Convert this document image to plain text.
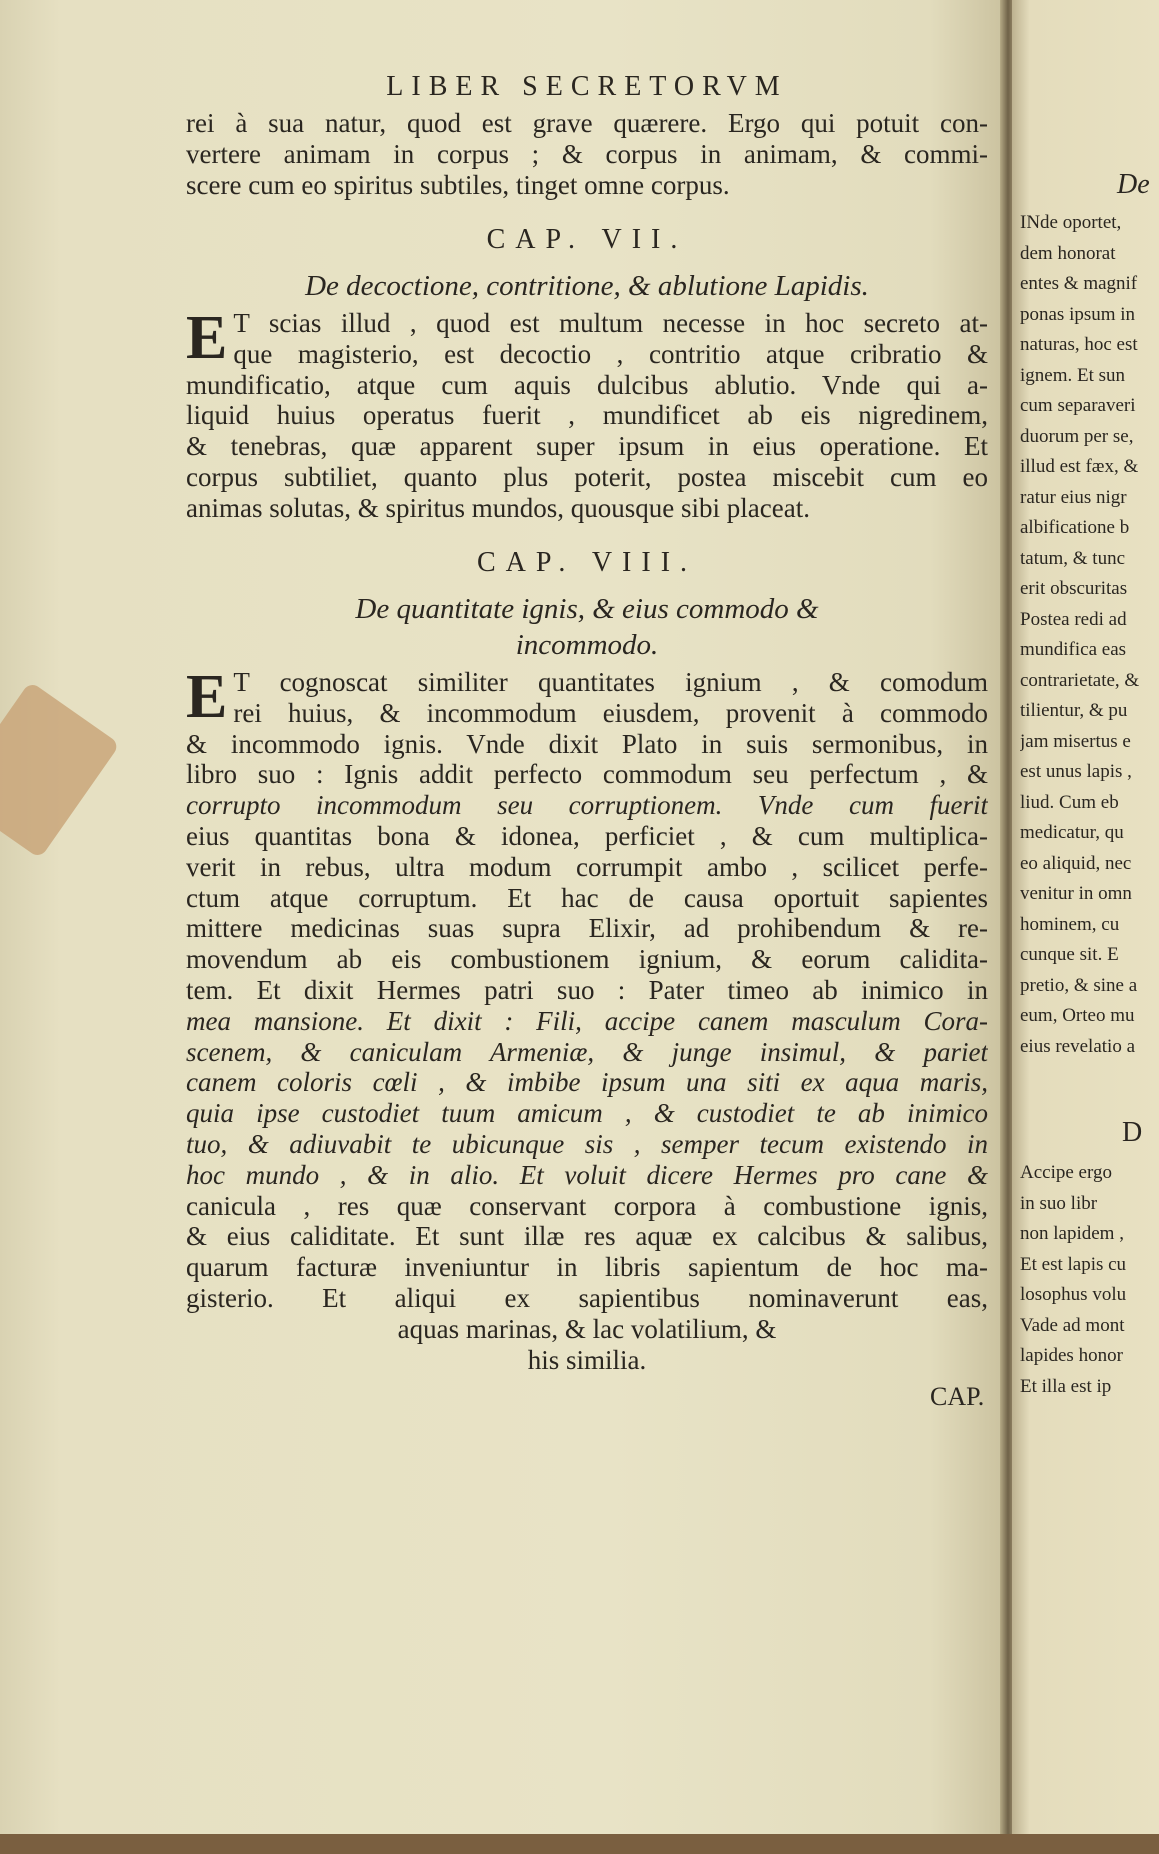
LIBER SECRETORVM
rei à sua natur, quod est grave quærere. Ergo qui potuit con-
vertere animam in corpus ; & corpus in animam, & commi-
scere cum eo spiritus subtiles, tinget omne corpus.
CAP. VII.
De decoctione, contritione, & ablutione Lapidis.
E T scias illud , quod est multum necesse in hoc secreto at-
que magisterio, est decoctio , contritio atque cribratio &
mundificatio, atque cum aquis dulcibus ablutio. Vnde qui a-
liquid huius operatus fuerit , mundificet ab eis nigredinem,
& tenebras, quæ apparent super ipsum in eius operatione. Et
corpus subtiliet, quanto plus poterit, postea miscebit cum eo
animas solutas, & spiritus mundos, quousque sibi placeat.
CAP. VIII.
De quantitate ignis, & eius commodo &
incommodo.
E T cognoscat similiter quantitates ignium , & comodum
rei huius, & incommodum eiusdem, provenit à commodo
& incommodo ignis. Vnde dixit Plato in suis sermonibus, in
libro suo : Ignis addit perfecto commodum seu perfectum , &
corrupto incommodum seu corruptionem. Vnde cum fuerit
eius quantitas bona & idonea, perficiet , & cum multiplica-
verit in rebus, ultra modum corrumpit ambo , scilicet perfe-
ctum atque corruptum. Et hac de causa oportuit sapientes
mittere medicinas suas supra Elixir, ad prohibendum & re-
movendum ab eis combustionem ignium, & eorum calidita-
tem. Et dixit Hermes patri suo : Pater timeo ab inimico in
mea mansione. Et dixit : Fili, accipe canem masculum Cora-
scenem, & caniculam Armeniæ, & junge insimul, & pariet
canem coloris cœli , & imbibe ipsum una siti ex aqua maris,
quia ipse custodiet tuum amicum , & custodiet te ab inimico
tuo, & adiuvabit te ubicunque sis , semper tecum existendo in
hoc mundo , & in alio. Et voluit dicere Hermes pro cane &
canicula , res quæ conservant corpora à combustione ignis,
& eius caliditate. Et sunt illæ res aquæ ex calcibus & salibus,
quarum facturæ inveniuntur in libris sapientum de hoc ma-
gisterio. Et aliqui ex sapientibus nominaverunt eas,
aquas marinas, & lac volatilium, &
his similia.
CAP.
De
INde oportet,
dem honorat
entes & magnif
ponas ipsum in
naturas, hoc est
ignem. Et sun
cum separaveri
duorum per se,
illud est fæx, &
ratur eius nigr
albificatione b
tatum, & tunc
erit obscuritas
Postea redi ad
mundifica eas
contrarietate, &
tilientur, & pu
jam misertus e
est unus lapis ,
liud. Cum eb
medicatur, qu
eo aliquid, nec
venitur in omn
hominem, cu
cunque sit. E
pretio, & sine a
eum, Orteo mu
eius revelatio a
D
Accipe ergo
in suo libr
non lapidem ,
Et est lapis cu
losophus volu
Vade ad mont
lapides honor
Et illa est ip
